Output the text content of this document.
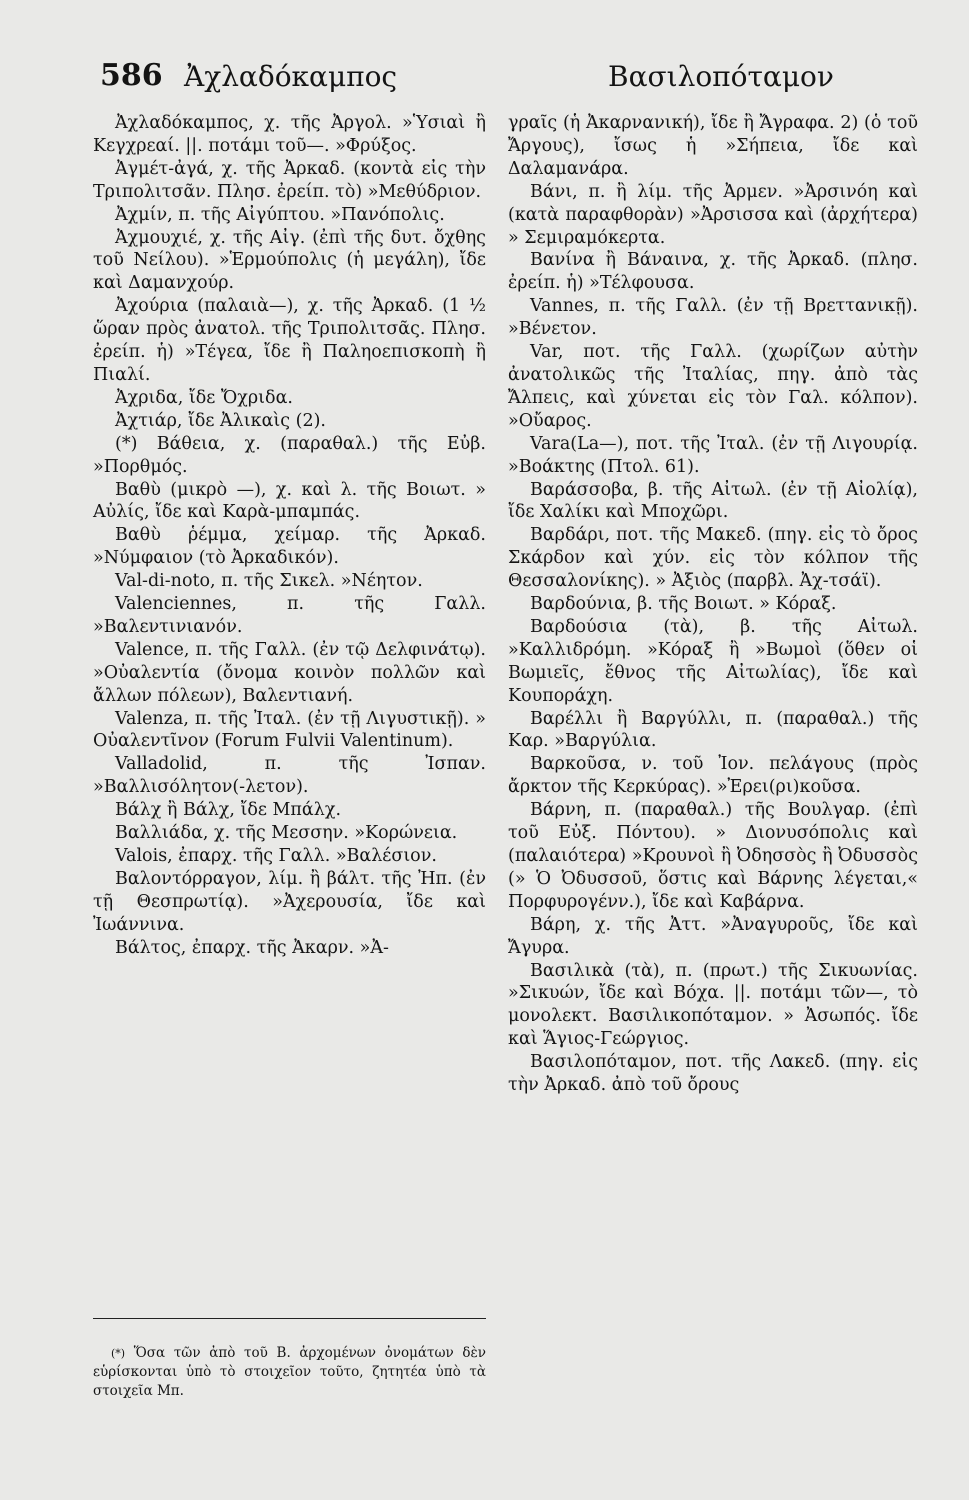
586 Ἀχλαδόκαμπος	Βασιλοπόταμον

Ἀχλαδόκαμπος, χ. τῆς Ἀργολ. »Ὑσιαὶ ἢ Κεγχρεαί. ||. ποτάμι τοῦ—. »Φρύξος.

Ἀγμέτ-ἀγά, χ. τῆς Ἀρκαδ. (κοντὰ εἰς τὴν Τριπολιτσᾶν. Πλησ. ἐρείπ. τὸ) »Μεθύδριον.

Ἀχμίν, π. τῆς Αἰγύπτου. »Πανόπολις.

Ἀχμουχιέ, χ. τῆς Αἰγ. (ἐπὶ τῆς δυτ. ὄχθης τοῦ Νείλου). »Ἑρμούπολις (ἡ μεγάλη), ἴδε καὶ Δαμανχούρ.

Ἀχούρια (παλαιὰ—), χ. τῆς Ἀρκαδ. (1 ½ ὥραν πρὸς ἀνατολ. τῆς Τριπολιτσᾶς. Πλησ. ἐρείπ. ἡ) »Τέγεα, ἴδε ἢ Παληοεπισκοπὴ ἢ Πιαλί.

Ἀχριδα, ἴδε Ὄχριδα.

Ἀχτιάρ, ἴδε Ἀλικαὶς (2).

(*) Βάθεια, χ. (παραθαλ.) τῆς Εὐβ. »Πορθμός.

Βαθὺ (μικρὸ —), χ. καὶ λ. τῆς Βοιωτ. » Αὐλίς, ἴδε καὶ Καρὰ-μπαμπάς.

Βαθὺ ῥέμμα, χείμαρ. τῆς Ἀρκαδ. »Νύμφαιον (τὸ Ἀρκαδικόν).

Val-di-noto, π. τῆς Σικελ. »Νέητον.

Valenciennes, π. τῆς Γαλλ. »Βαλεντινιανόν.

Valence, π. τῆς Γαλλ. (ἐν τῷ Δελφινάτῳ). »Οὐαλεντία (ὄνομα κοινὸν πολλῶν καὶ ἄλλων πόλεων), Βαλεντιανή.

Valenza, π. τῆς Ἰταλ. (ἐν τῇ Λιγυστικῇ). » Οὐαλεντῖνον (Forum Fulvii Valentinum).

Valladolid, π. τῆς Ἰσπαν. »Βαλλισόλητον(-λετον).

Βάλχ ἢ Βάλχ, ἴδε Μπάλχ.

Βαλλιάδα, χ. τῆς Μεσσην. »Κορώνεια.

Valois, ἐπαρχ. τῆς Γαλλ. »Βαλέσιον.

Βαλοντόρραγον, λίμ. ἢ βάλτ. τῆς Ἠπ. (ἐν τῇ Θεσπρωτίᾳ). »Ἀχερουσία, ἴδε καὶ Ἰωάννινα.

Βάλτος, ἐπαρχ. τῆς Ἀκαρν. »Ἀ-

γραῖς (ἡ Ἀκαρνανική), ἴδε ἢ Ἄγραφα. 2) (ὁ τοῦ Ἄργους), ἴσως ἡ »Σήπεια, ἴδε καὶ Δαλαμανάρα.

Βάνι, π. ἢ λίμ. τῆς Ἀρμεν. »Ἀρσινόη καὶ (κατὰ παραφθορὰν) »Ἀρσισσα καὶ (ἀρχήτερα) » Σεμιραμόκερτα.

Βανίνα ἢ Βάναινα, χ. τῆς Ἀρκαδ. (πλησ. ἐρείπ. ἡ) »Τέλφουσα.

Vannes, π. τῆς Γαλλ. (ἐν τῇ Βρεττανικῇ). »Βένετον.

Var, ποτ. τῆς Γαλλ. (χωρίζων αὐτὴν ἀνατολικῶς τῆς Ἰταλίας, πηγ. ἀπὸ τὰς Ἄλπεις, καὶ χύνεται εἰς τὸν Γαλ. κόλπον). »Οὔαρος.

Vara(La—), ποτ. τῆς Ἰταλ. (ἐν τῇ Λιγουρίᾳ. »Βοάκτης (Πτολ. 61).

Βαράσσοβα, β. τῆς Αἰτωλ. (ἐν τῇ Αἰολίᾳ), ἴδε Χαλίκι καὶ Μποχῶρι.

Βαρδάρι, ποτ. τῆς Μακεδ. (πηγ. εἰς τὸ ὄρος Σκάρδον καὶ χύν. εἰς τὸν κόλπον τῆς Θεσσαλονίκης). » Ἀξιὸς (παρβλ. Ἀχ-τσάϊ).

Βαρδούνια, β. τῆς Βοιωτ. » Κόραξ.

Βαρδούσια (τὰ), β. τῆς Αἰτωλ. »Καλλιδρόμη. »Κόραξ ἢ »Βωμοὶ (ὅθεν οἱ Βωμιεῖς, ἔθνος τῆς Αἰτωλίας), ἴδε καὶ Κουποράχη.

Βαρέλλι ἢ Βαργύλλι, π. (παραθαλ.) τῆς Καρ. »Βαργύλια.

Βαρκοῦσα, ν. τοῦ Ἰον. πελάγους (πρὸς ἄρκτον τῆς Κερκύρας). »Ἐρει(ρι)κοῦσα.

Βάρνη, π. (παραθαλ.) τῆς Βουλγαρ. (ἐπὶ τοῦ Εὐξ. Πόντου). » Διονυσόπολις καὶ (παλαιότερα) »Κρουνοὶ ἢ Ὀδησσὸς ἢ Ὀδυσσὸς (» Ὁ Ὀδυσσοῦ, ὅστις καὶ Βάρνης λέγεται,« Πορφυρογένν.), ἴδε καὶ Καβάρνα.

Βάρη, χ. τῆς Ἀττ. »Ἀναγυροῦς, ἴδε καὶ Ἄγυρα.

Βασιλικὰ (τὰ), π. (πρωτ.) τῆς Σικυωνίας. »Σικυών, ἴδε καὶ Βόχα. ||. ποτάμι τῶν—, τὸ μονολεκτ. Βασιλικοπόταμον. » Ἀσωπός. ἴδε καὶ Ἅγιος-Γεώργιος.

Βασιλοπόταμον, ποτ. τῆς Λακεδ. (πηγ. εἰς τὴν Ἀρκαδ. ἀπὸ τοῦ ὄρους

(*) Ὅσα τῶν ἀπὸ τοῦ Β. ἀρχομένων ὀνομάτων δὲν εὑρίσκονται ὑπὸ τὸ στοιχεῖον τοῦτο, ζητητέα ὑπὸ τὰ στοιχεῖα Μπ.
